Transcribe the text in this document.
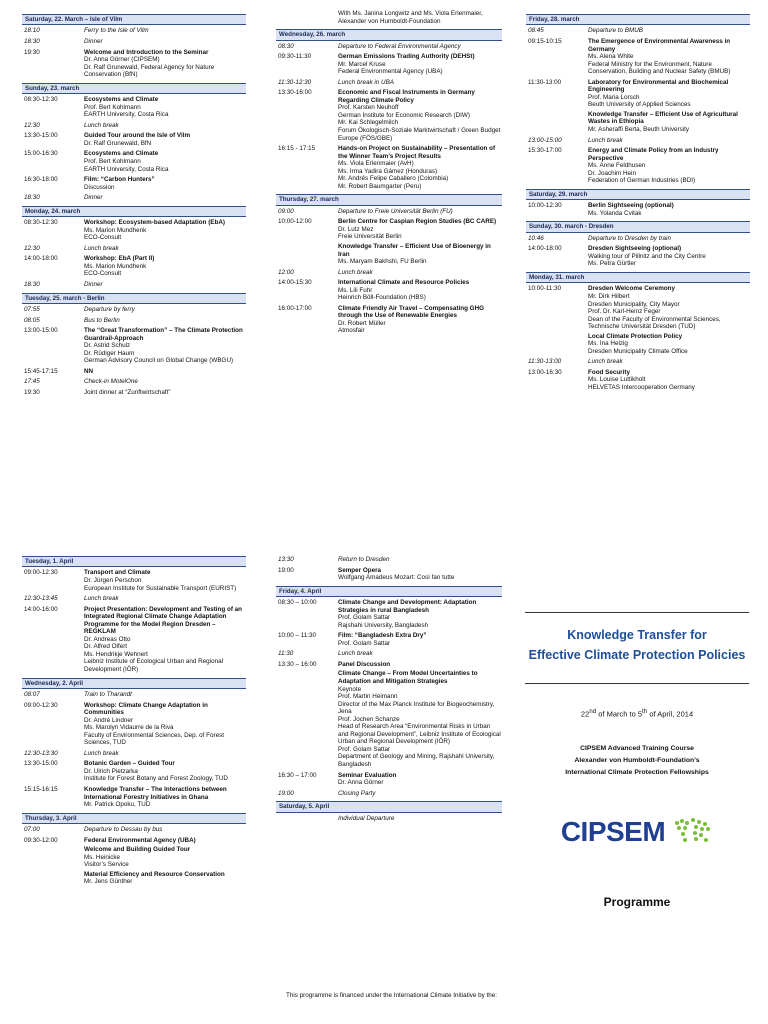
Saturday, 22. March – Isle of Vilm
18:10	Ferry to the Isle of Vilm
18:30	Dinner
19:30	Welcome and Introduction to the Seminar
Dr. Anna Görner (CIPSEM)
Dr. Ralf Grunewald, Federal Agency for Nature Conservation (BfN)
Sunday, 23. march
08:30-12:30	Ecosystems and Climate
Prof. Bert Kohlmann
EARTH University, Costa Rica
12:30	Lunch break
13:30-15:00	Guided Tour around the Isle of Vilm
Dr. Ralf Grunewald, BfN
15:00-16:30	Ecosystems and Climate
Prof. Bert Kohlmann
EARTH University, Costa Rica
16:30-18:00	Film: “Carbon Hunters”
Discussion
18:30	Dinner
Monday, 24. march
08:30-12:30	Workshop: Ecosystem-based Adaptation (EbA)
Ms. Marion Mundhenk
ECO-Consult
12:30	Lunch break
14:00-18:00	Workshop: EbA (Part II)
Ms. Marion Mundhenk
ECO-Consult
18:30	Dinner
Tuesday, 25. march - Berlin
07:55	Departure by ferry
08:05	Bus to Berlin
13:00-15:00	The “Great Transformation” – The Climate Protection Guardrail-Approach
Dr. Astrid Schulz
Dr. Rüdiger Haum
German Advisory Council on Global Change (WBGU)
15:45-17:15	NN
17:45	Check-in MotelOne
19:30	Joint dinner at “Zunftwirtschaft”
With Ms. Janina Longwitz and Ms. Viola Erlenmaier, Alexander von Humboldt-Foundation
Wednesday, 26. march
08:30	Departure to Federal Environmental Agency
09:30-11:30	German Emissions Trading Authority (DEHSt)
Mr. Marcel Kruse
Federal Environmental Agency (UBA)
11:30-12:30	Lunch break in UBA
13:30-16:00	Economic and Fiscal Instruments in Germany Regarding Climate Policy
Prof. Karsten Neuhoff
German Institute for Economic Research (DIW)
Mr. Kai Schlegelmilch
Forum Ökologisch-Soziale Marktwirtschaft / Green Budget Europe (FÖS/GBE)
16:15 - 17:15	Hands-on Project on Sustainability – Presentation of the Winner Team’s Project Results
Ms. Viola Erlenmaier (AvH)
Ms. Irma Yadira Gámez (Honduras)
Mr. Andrés Felipe Caballero (Colombia)
Mr. Robert Baumgarter (Peru)
Thursday, 27. march
09:00	Departure to Freie Universität Berlin (FU)
10:00-12:00	Berlin Centre for Caspian Region Studies (BC CARE)
Dr. Lutz Mez
Freie Universität Berlin
Knowledge Transfer – Efficient Use of Bioenergy in Iran
Ms. Maryam Bakhshi, FU Berlin
12:00	Lunch break
14:00-15:30	International Climate and Resource Policies
Ms. Lili Fuhr
Heinrich Böll-Foundation (HBS)
16:00-17:00	Climate Friendly Air Travel – Compensating GHG through the Use of Renewable Energies
Dr. Robert Müller
Atmosfair
Friday, 28. march
08:45	Departure to BMUB
09:15-10:15	The Emergence of Environmental Awareness in Germany
Ms. Alena White
Federal Ministry for the Environment, Nature Conservation, Building and Nuclear Safety (BMUB)
11:30-13:00	Laboratory for Environmental and Biochemical Engineering
Prof. Maria Lorsch
Beuth University of Applied Sciences
Knowledge Transfer – Efficient Use of Agricultural Wastes in Ethiopia
Mr. Asheraffi Berta, Beuth University
13:00-15:00	Lunch break
15:30-17:00	Energy and Climate Policy from an Industry Perspective
Ms. Anne Feldhusen
Dr. Joachim Hein
Federation of German Industries (BDI)
Saturday, 29. march
10:00-12:30	Berlin Sightseeing (optional)
Ms. Yolanda Cvitak
Sunday, 30. march - Dresden
10:46	Departure to Dresden by train
14:00-18:00	Dresden Sightseeing (optional)
Walking tour of Pillnitz and the City Centre
Ms. Petra Gürtler
Monday, 31. march
10:00-11:30	Dresden Welcome Ceremony
Mr. Dirk Hilbert
Dresden Municipality, City Mayor
Prof. Dr. Karl-Heinz Feger
Dean of the Faculty of Environmental Sciences, Technische Universität Dresden (TUD)
Local Climate Protection Policy
Ms. Ina Helzig
Dresden Municipality Climate Office
11:30-13:00	Lunch break
13:00-16:30	Food Security
Ms. Louise Luttikholt
HELVETAS Intercooperation Germany
Tuesday, 1. April
09:00-12:30	Transport and Climate
Dr. Jürgen Perschon
European Institute for Sustainable Transport (EURIST)
12:30-13:45	Lunch break
14:00-16:00	Project Presentation: Development and Testing of an Integrated Regional Climate Change Adaptation Programme for the Model Region Dresden – REGKLAM
Dr. Andreas Otto
Dr. Alfred Olfert
Ms. Hendrikje Wehnert
Leibniz Institute of Ecological Urban and Regional Development (IÖR)
Wednesday, 2. April
08:07	Train to Tharandt
09:00-12:30	Workshop: Climate Change Adaptation in Communities
Dr. André Lindner
Ms. Marolyn Vidaurre de la Riva
Faculty of Environmental Sciences, Dep. of Forest Sciences, TUD
12:30-13:30	Lunch break
13:30-15:00	Botanic Garden – Guided Tour
Dr. Ulrich Pietzarka
Institute for Forest Botany and Forest Zoology, TUD
15:15-16:15	Knowledge Transfer – The Interactions between International Forestry Initiatives in Ghana
Mr. Patrick Opoku, TUD
Thursday, 3. April
07:00	Departure to Dessau by bus
09:30-12:00	Federal Environmental Agency (UBA)
Welcome and Building Guided Tour
Ms. Heinicke
Visitor’s Service
Material Efficiency and Resource Conservation
Mr. Jens Günther
13:30	Return to Dresden
19:00	Semper Opera
Wolfgang Amadeus Mozart: Così fan tutte
Friday, 4. April
08:30 – 10:00	Climate Change and Development: Adaptation Strategies in rural Bangladesh
Prof. Golam Sattar
Rajshahi University, Bangladesh
10:00 – 11:30	Film: “Bangladesh Extra Dry”
Prof. Golam Sattar
11:30	Lunch break
13:30 – 16:00	Panel Discussion
Climate Change – From Model Uncertainties to Adaptation and Mitigation Strategies
Keynote
Prof. Martin Heimann
Director of the Max Planck Institute for Biogeochemistry, Jena
Prof. Jochen Schanze
Head of Research Area “Environmental Risks in Urban and Regional Development”, Leibniz Institute of Ecological Urban and Regional Development (IÖR)
Prof. Golam Sattar
Department of Geology and Mining, Rajshahi University, Bangladesh
16:30 – 17:00	Seminar Evaluation
Dr. Anna Görner
19:00	Closing Party
Saturday, 5. April
Individual Departure
Knowledge Transfer for
Effective Climate Protection Policies
22nd of March to 5th of April, 2014
CIPSEM Advanced Training Course
Alexander von Humboldt-Foundation’s
International Climate Protection Fellowships
CIPSEM
Programme
This programme is financed under the International Climate Initiative by the:
